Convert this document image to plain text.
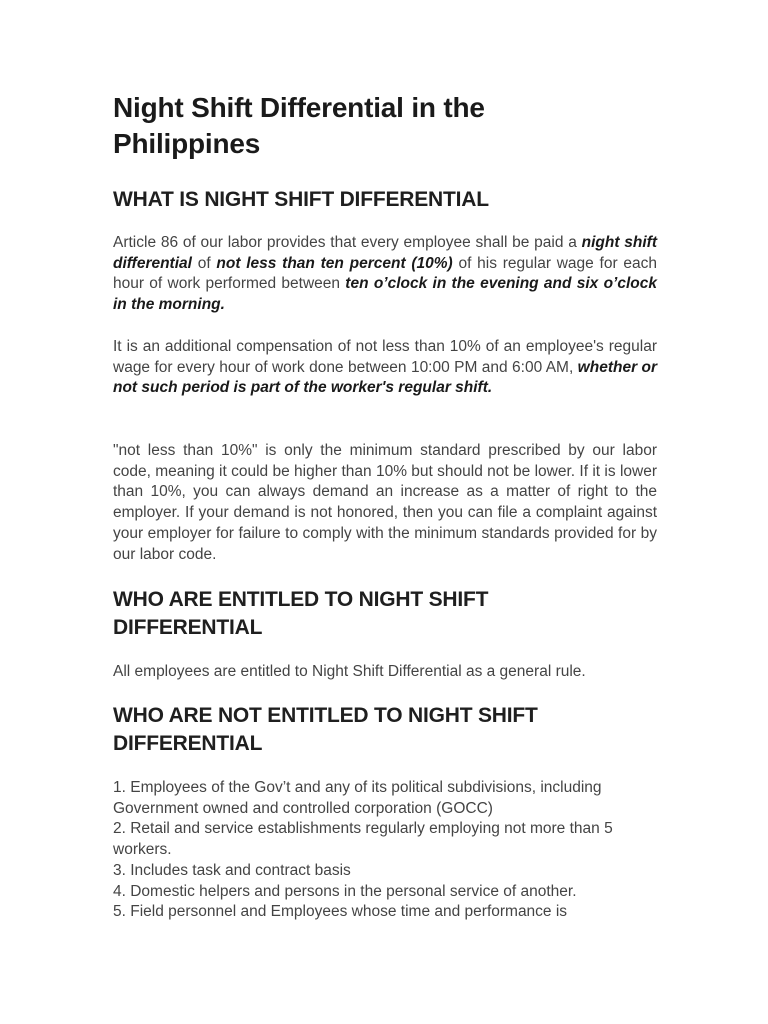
Night Shift Differential in the Philippines
WHAT IS NIGHT SHIFT DIFFERENTIAL

Article 86 of our labor provides that every employee shall be paid a night shift differential of not less than ten percent (10%) of his regular wage for each hour of work performed between ten o’clock in the evening and six o’clock in the morning.

It is an additional compensation of not less than 10% of an employee's regular wage for every hour of work done between 10:00 PM and 6:00 AM, whether or not such period is part of the worker's regular shift.

"not less than 10%" is only the minimum standard prescribed by our labor code, meaning it could be higher than 10% but should not be lower. If it is lower than 10%, you can always demand an increase as a matter of right to the employer. If your demand is not honored, then you can file a complaint against your employer for failure to comply with the minimum standards provided for by our labor code.

WHO ARE ENTITLED TO NIGHT SHIFT DIFFERENTIAL

All employees are entitled to Night Shift Differential as a general rule.

WHO ARE NOT ENTITLED TO NIGHT SHIFT DIFFERENTIAL
1. Employees of the Gov’t and any of its political subdivisions, including Government owned and controlled corporation (GOCC)
2. Retail and service establishments regularly employing not more than 5 workers.
3. Includes task and contract basis
4. Domestic helpers and persons in the personal service of another.
5. Field personnel and Employees whose time and performance is
